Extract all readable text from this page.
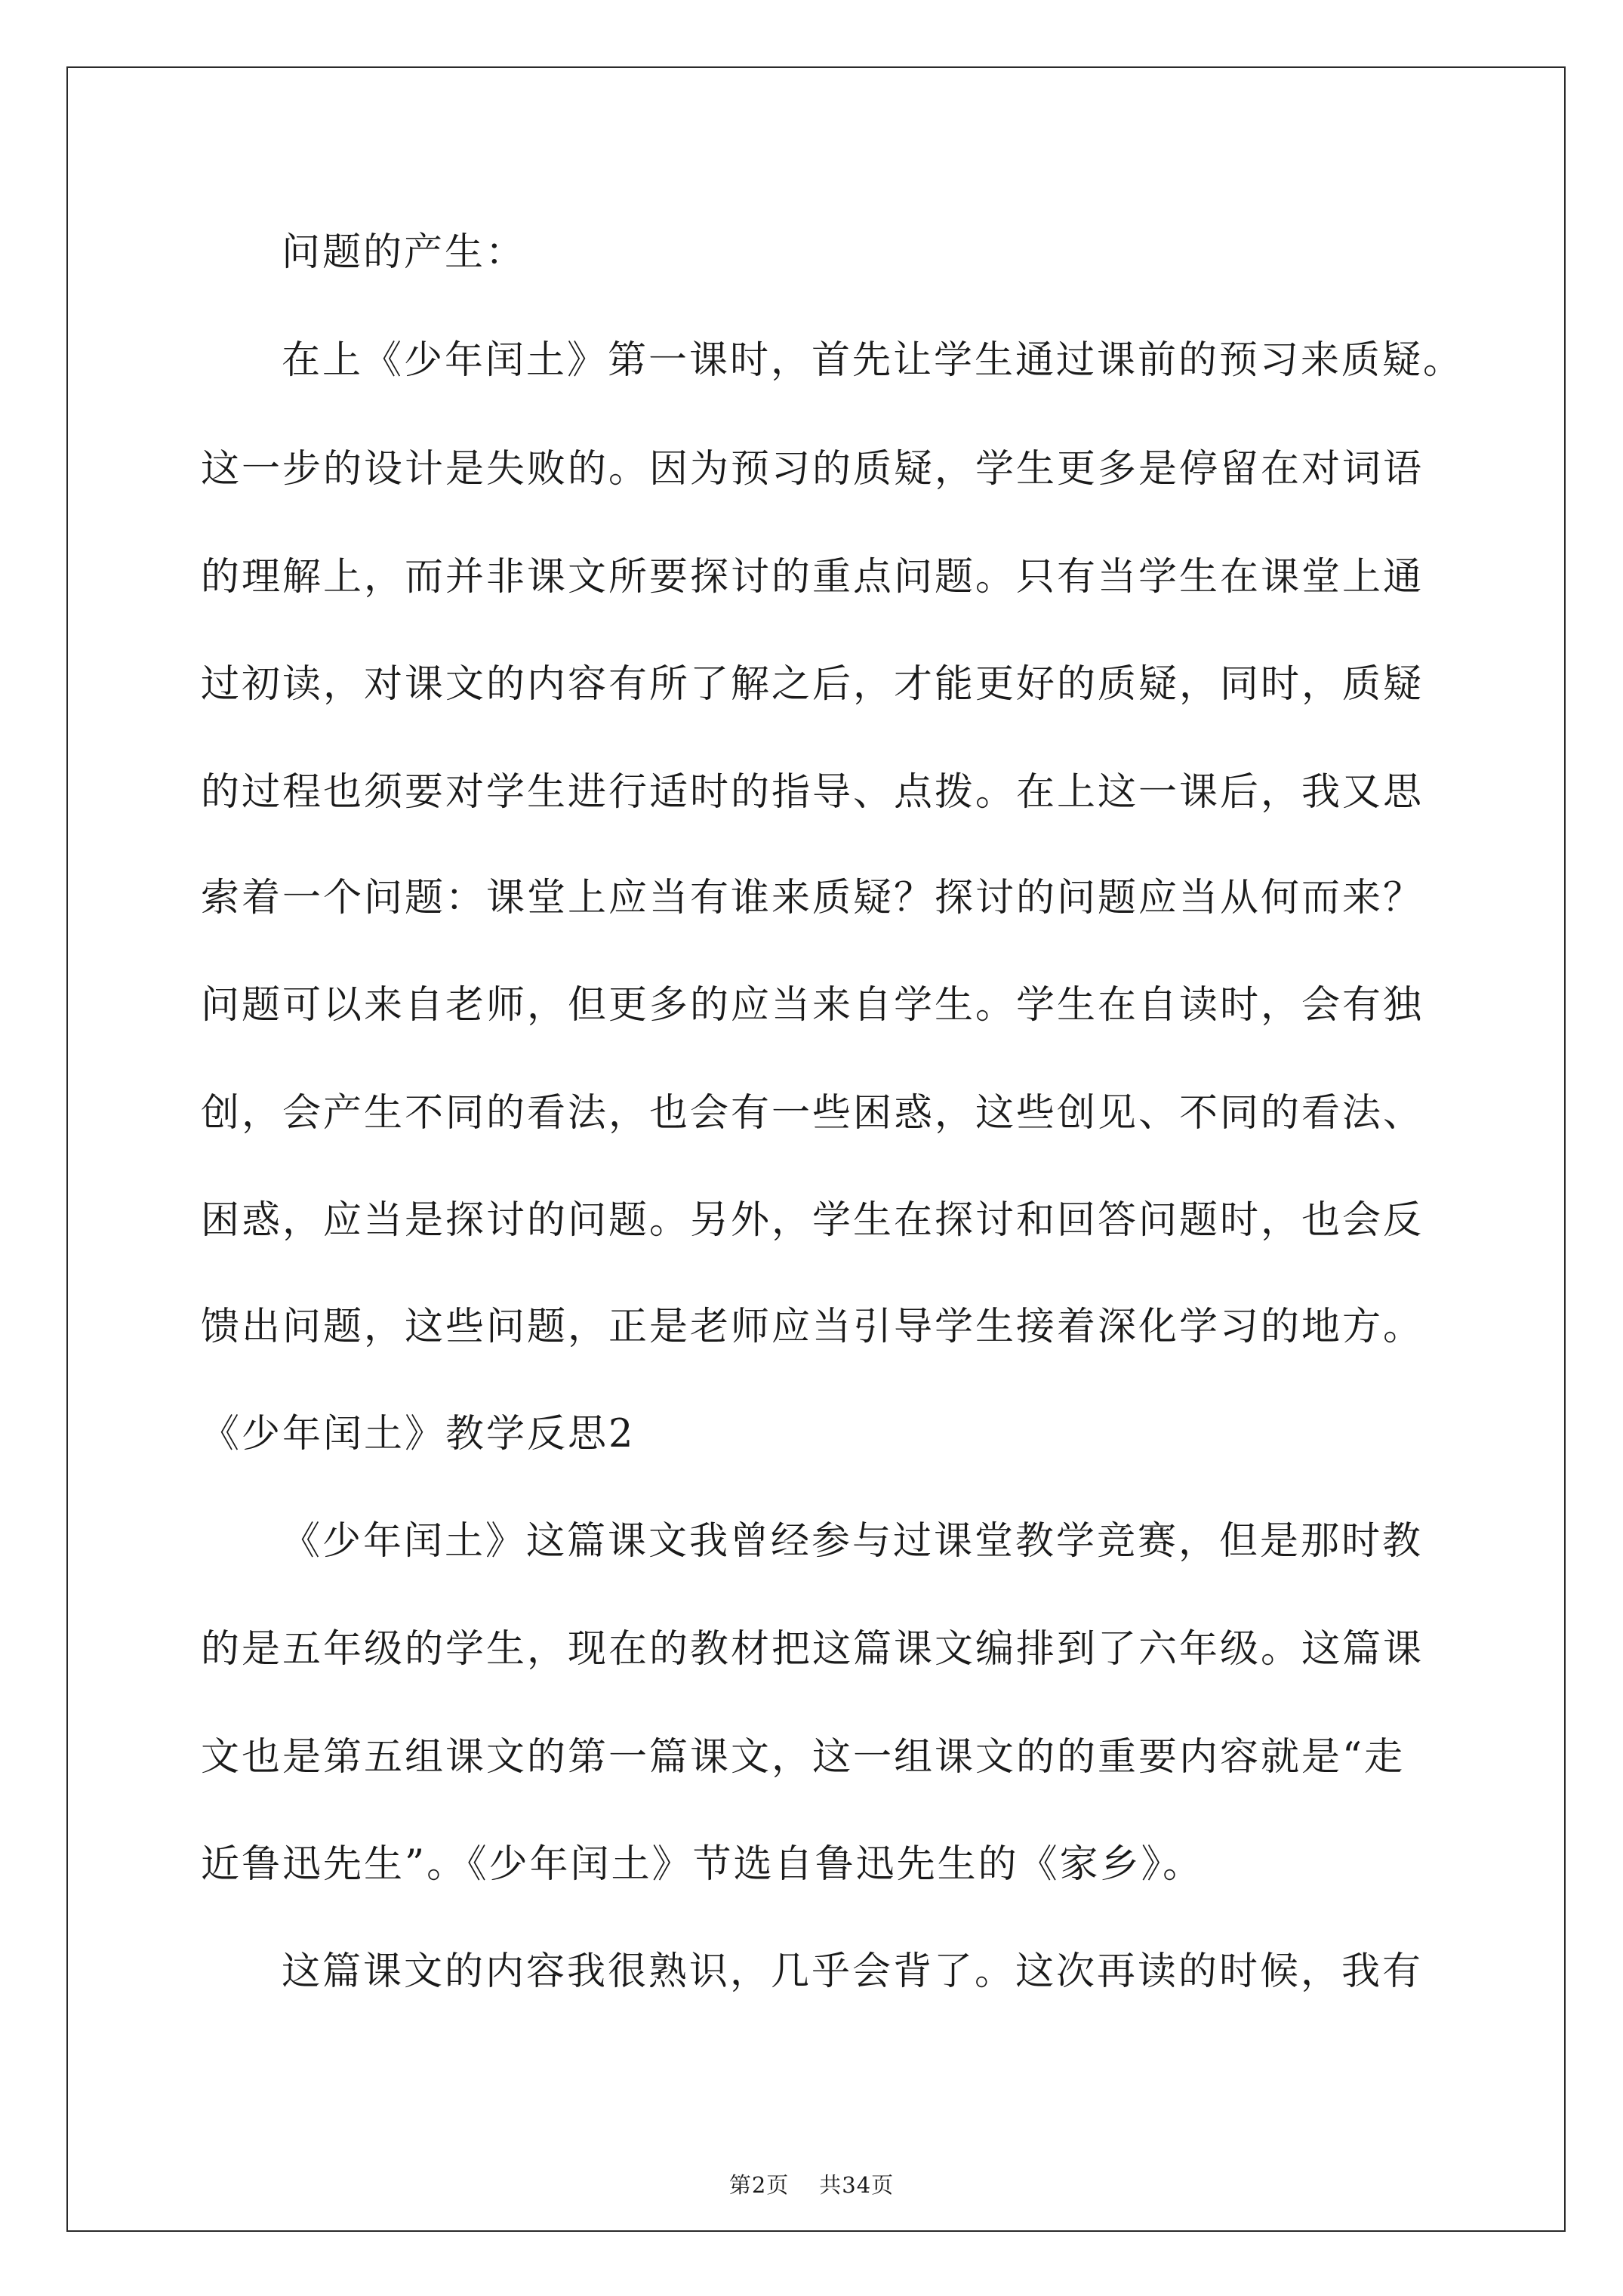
问题的产生：
在上《少年闰土》第一课时，首先让学生通过课前的预习来质疑。
这一步的设计是失败的。因为预习的质疑，学生更多是停留在对词语
的理解上，而并非课文所要探讨的重点问题。只有当学生在课堂上通
过初读，对课文的内容有所了解之后，才能更好的质疑，同时，质疑
的过程也须要对学生进行适时的指导、点拨。在上这一课后，我又思
索着一个问题：课堂上应当有谁来质疑？探讨的问题应当从何而来？
问题可以来自老师，但更多的应当来自学生。学生在自读时，会有独
创，会产生不同的看法，也会有一些困惑，这些创见、不同的看法、
困惑，应当是探讨的问题。另外，学生在探讨和回答问题时，也会反
馈出问题，这些问题，正是老师应当引导学生接着深化学习的地方。
《少年闰土》教学反思2
《少年闰土》这篇课文我曾经参与过课堂教学竞赛，但是那时教
的是五年级的学生，现在的教材把这篇课文编排到了六年级。这篇课
文也是第五组课文的第一篇课文，这一组课文的的重要内容就是“走
近鲁迅先生”。《少年闰土》节选自鲁迅先生的《家乡》。
这篇课文的内容我很熟识，几乎会背了。这次再读的时候，我有
第2页 共34页
